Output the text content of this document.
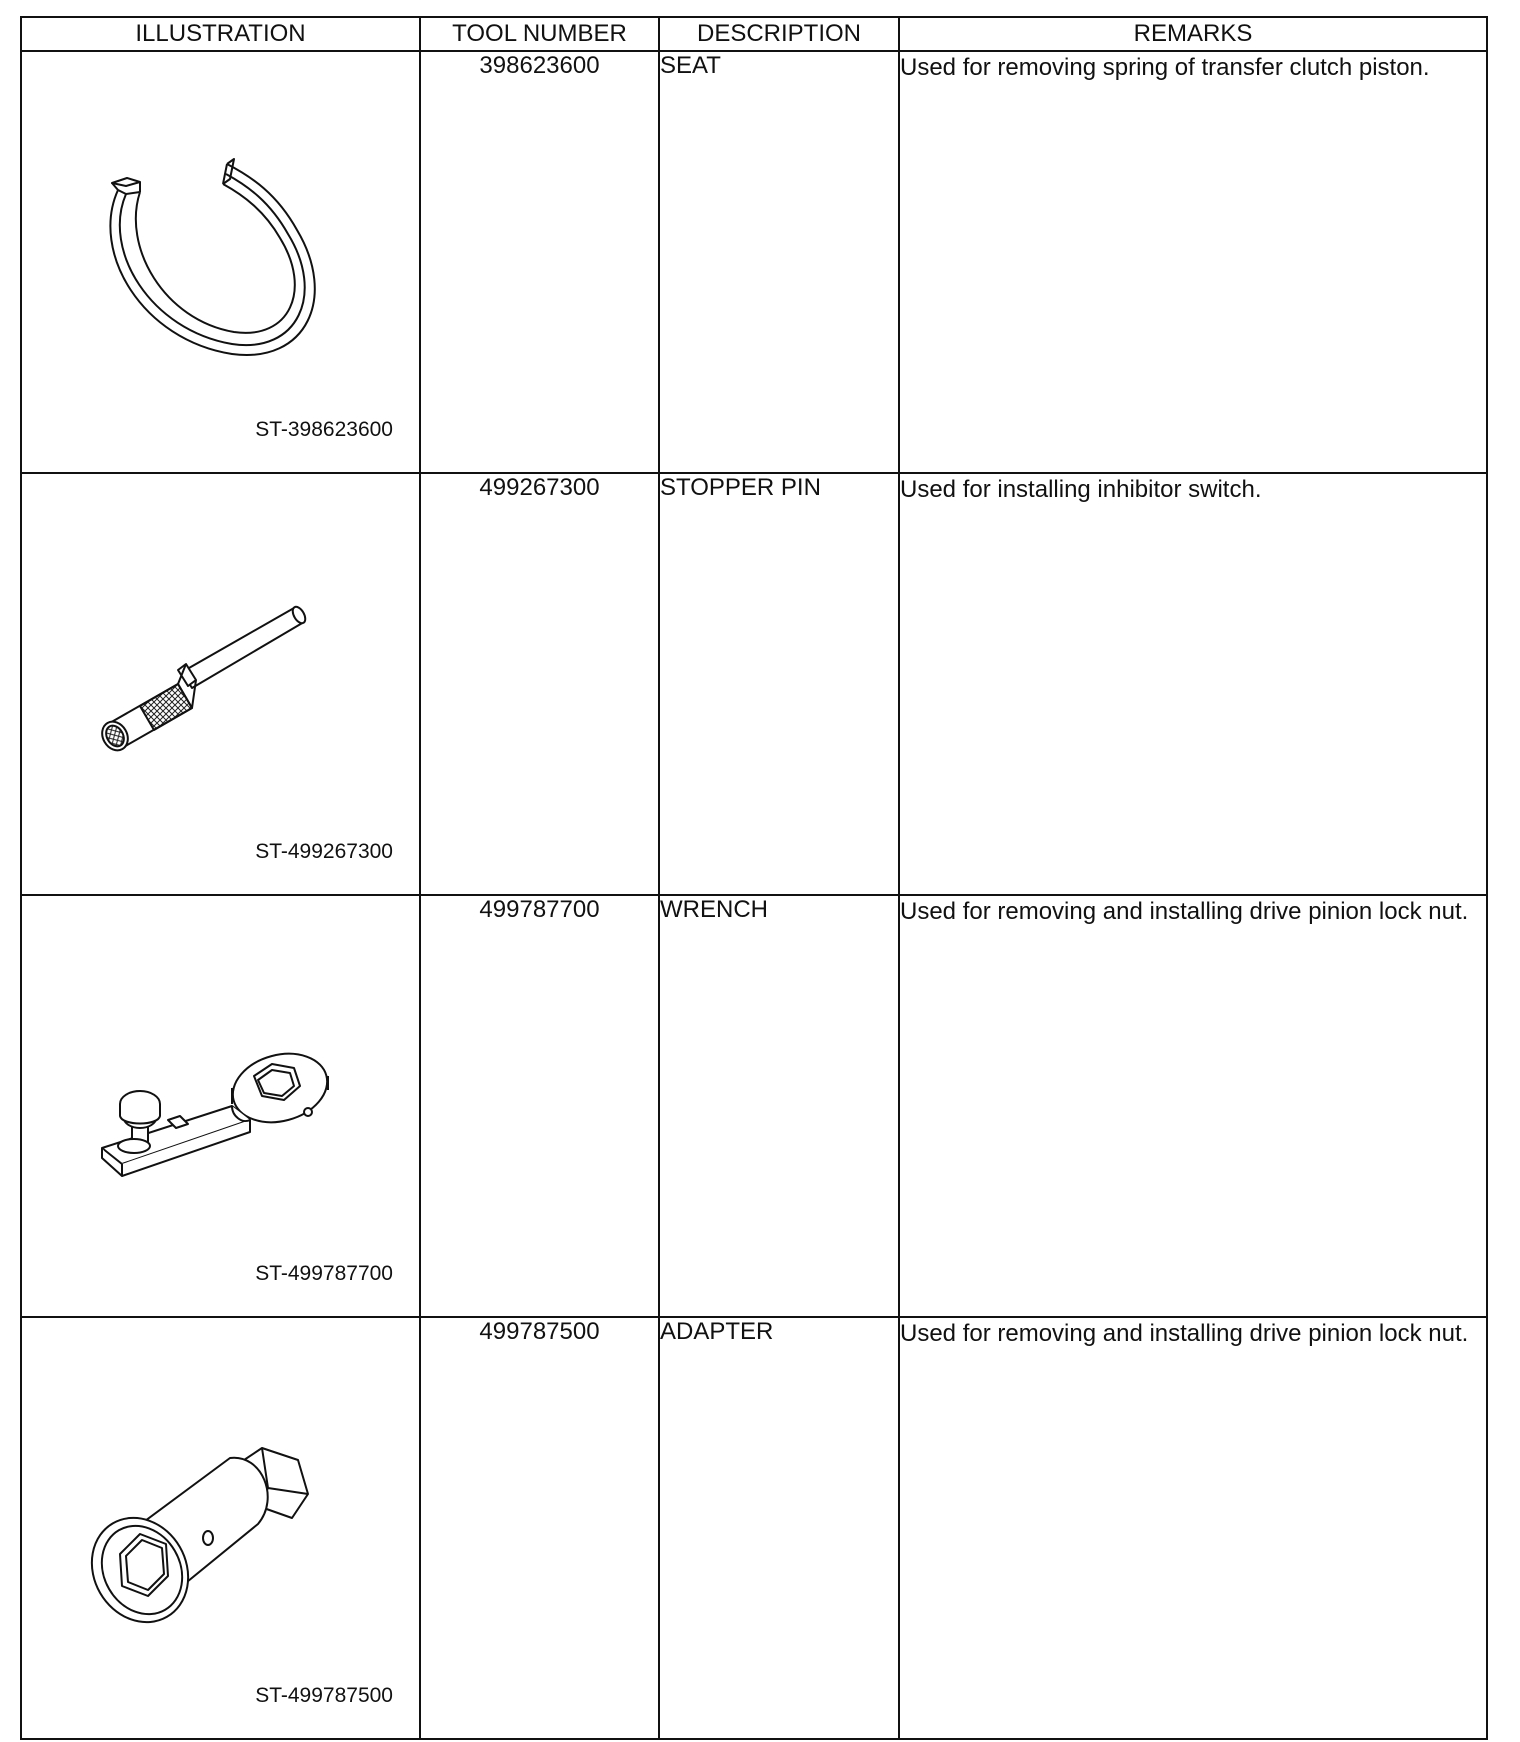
ILLUSTRATION	TOOL NUMBER	DESCRIPTION	REMARKS

ST-398623600	398623600	SEAT	Used for removing spring of transfer clutch piston.

ST-499267300	499267300	STOPPER PIN	Used for installing inhibitor switch.

ST-499787700	499787700	WRENCH	Used for removing and installing drive pinion lock nut.

ST-499787500	499787500	ADAPTER	Used for removing and installing drive pinion lock nut.
